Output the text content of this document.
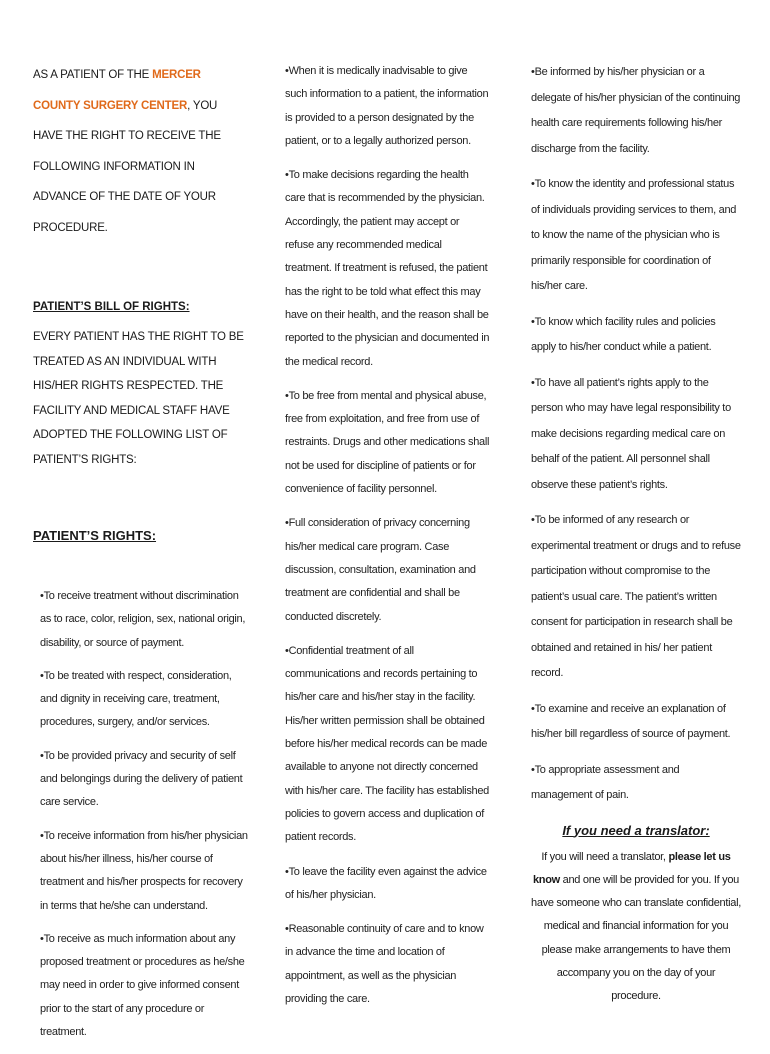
AS A PATIENT OF THE MERCER COUNTY SURGERY CENTER, YOU HAVE THE RIGHT TO RECEIVE THE FOLLOWING INFORMATION IN ADVANCE OF THE DATE OF YOUR PROCEDURE.

PATIENT’S BILL OF RIGHTS:

EVERY PATIENT HAS THE RIGHT TO BE TREATED AS AN INDIVIDUAL WITH HIS/HER RIGHTS RESPECTED. THE FACILITY AND MEDICAL STAFF HAVE ADOPTED THE FOLLOWING LIST OF PATIENT’S RIGHTS:

PATIENT’S RIGHTS:

• To receive treatment without discrimination as to race, color, religion, sex, national origin, disability, or source of payment.
• To be treated with respect, consideration, and dignity in receiving care, treatment, procedures, surgery, and/or services.
• To be provided privacy and security of self and belongings during the delivery of patient care service.
• To receive information from his/her physician about his/her illness, his/her course of treatment and his/her prospects for recovery in terms that he/she can understand.
• To receive as much information about any proposed treatment or procedures as he/she may need in order to give informed consent prior to the start of any procedure or treatment.
• When it is medically inadvisable to give such information to a patient, the information is provided to a person designated by the patient, or to a legally authorized person.
• To make decisions regarding the health care that is recommended by the physician. Accordingly, the patient may accept or refuse any recommended medical treatment. If treatment is refused, the patient has the right to be told what effect this may have on their health, and the reason shall be reported to the physician and documented in the medical record.
• To be free from mental and physical abuse, free from exploitation, and free from use of restraints. Drugs and other medications shall not be used for discipline of patients or for convenience of facility personnel.
• Full consideration of privacy concerning his/her medical care program. Case discussion, consultation, examination and treatment are confidential and shall be conducted discretely.
• Confidential treatment of all communications and records pertaining to his/her care and his/her stay in the facility. His/her written permission shall be obtained before his/her medical records can be made available to anyone not directly concerned with his/her care. The facility has established policies to govern access and duplication of patient records.
• To leave the facility even against the advice of his/her physician.
• Reasonable continuity of care and to know in advance the time and location of appointment, as well as the physician providing the care.
• Be informed by his/her physician or a delegate of his/her physician of the continuing health care requirements following his/her discharge from the facility.
• To know the identity and professional status of individuals providing services to them, and to know the name of the physician who is primarily responsible for coordination of his/her care.
• To know which facility rules and policies apply to his/her conduct while a patient.
• To have all patient’s rights apply to the person who may have legal responsibility to make decisions regarding medical care on behalf of the patient. All personnel shall observe these patient’s rights.
• To be informed of any research or experimental treatment or drugs and to refuse participation without compromise to the patient’s usual care. The patient’s written consent for participation in research shall be obtained and retained in his/ her patient record.
• To examine and receive an explanation of his/her bill regardless of source of payment.
• To appropriate assessment and management of pain.

If you need a translator:

If you will need a translator, please let us know and one will be provided for you. If you have someone who can translate confidential, medical and financial information for you please make arrangements to have them accompany you on the day of your procedure.
